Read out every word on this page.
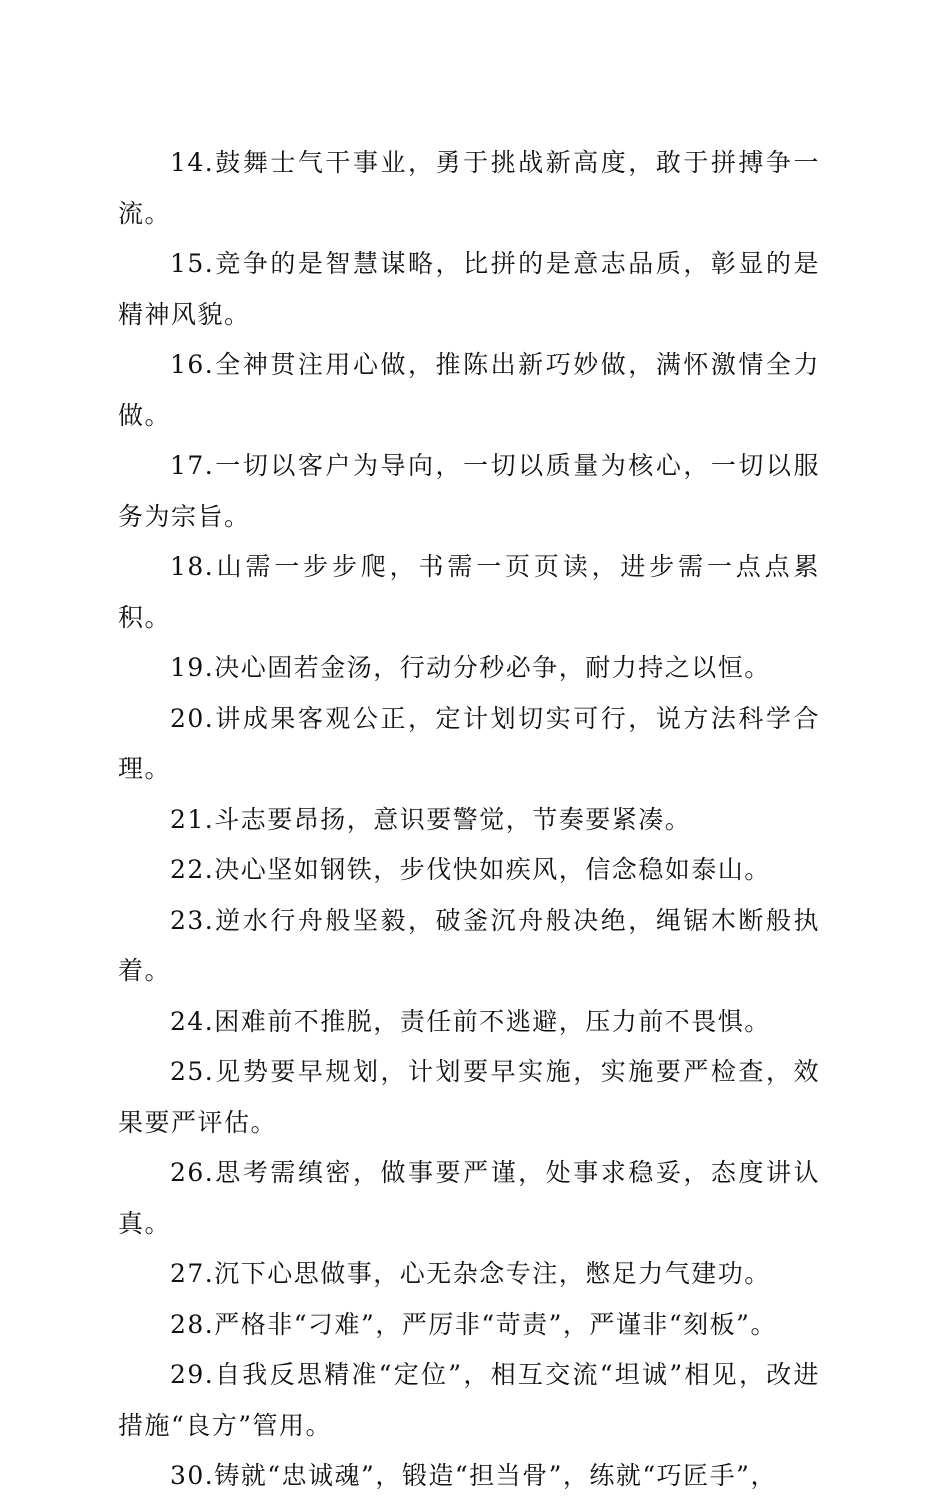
14.鼓舞士气干事业，勇于挑战新高度，敢于拼搏争一流。

15.竞争的是智慧谋略，比拼的是意志品质，彰显的是精神风貌。

16.全神贯注用心做，推陈出新巧妙做，满怀激情全力做。

17.一切以客户为导向，一切以质量为核心，一切以服务为宗旨。

18.山需一步步爬，书需一页页读，进步需一点点累积。

19.决心固若金汤，行动分秒必争，耐力持之以恒。

20.讲成果客观公正，定计划切实可行，说方法科学合理。

21.斗志要昂扬，意识要警觉，节奏要紧凑。

22.决心坚如钢铁，步伐快如疾风，信念稳如泰山。

23.逆水行舟般坚毅，破釜沉舟般决绝，绳锯木断般执着。

24.困难前不推脱，责任前不逃避，压力前不畏惧。

25.见势要早规划，计划要早实施，实施要严检查，效果要严评估。

26.思考需缜密，做事要严谨，处事求稳妥，态度讲认真。

27.沉下心思做事，心无杂念专注，憋足力气建功。

28.严格非“刁难”，严厉非“苛责”，严谨非“刻板”。

29.自我反思精准“定位”，相互交流“坦诚”相见，改进措施“良方”管用。

30.铸就“忠诚魂”，锻造“担当骨”，练就“巧匠手”，
